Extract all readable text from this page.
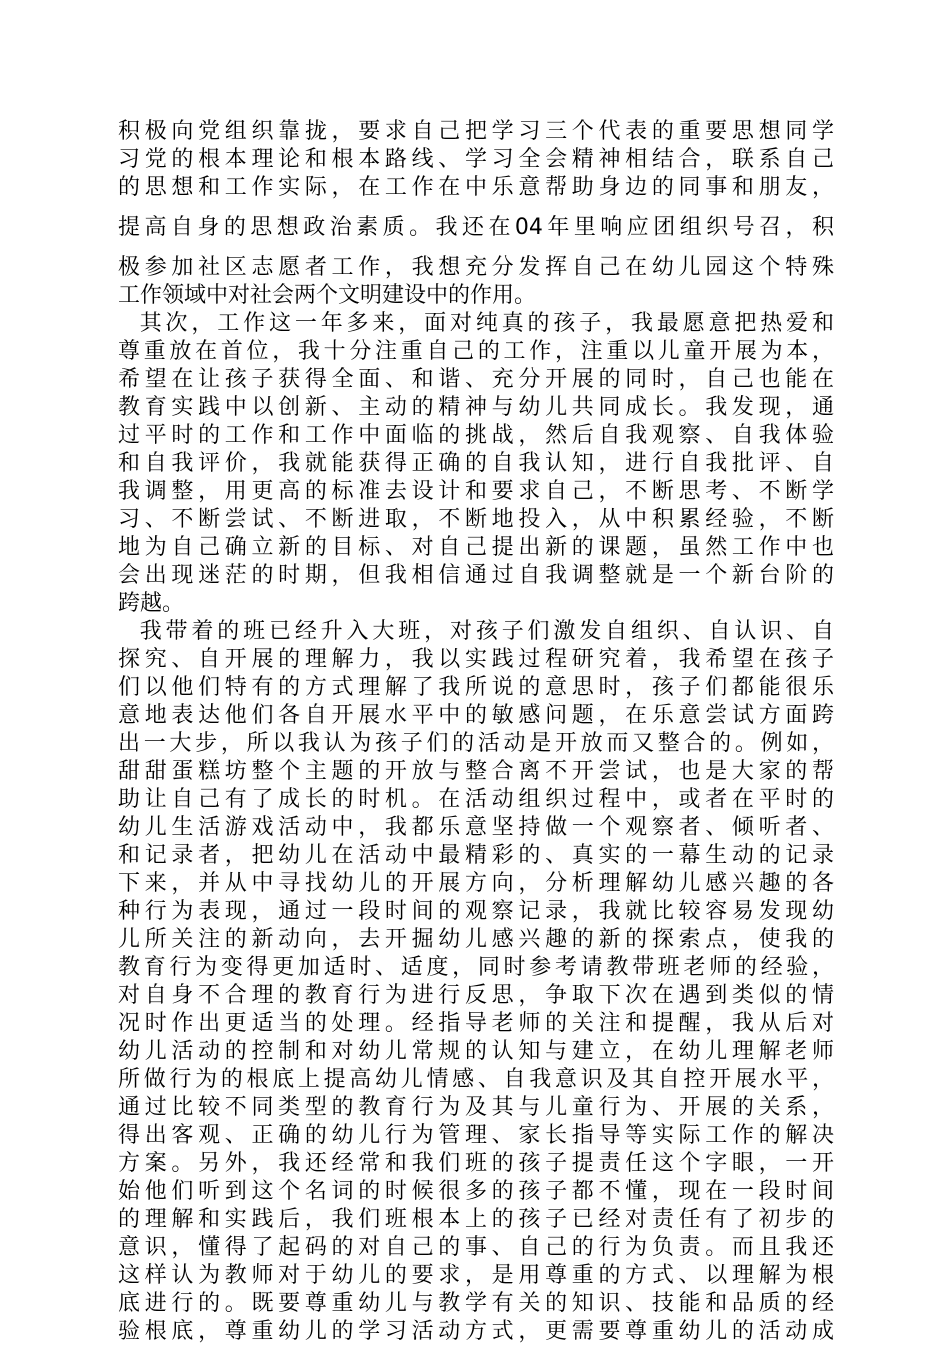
积极向党组织靠拢，要求自己把学习三个代表的重要思想同学
习党的根本理论和根本路线、学习全会精神相结合，联系自己
的思想和工作实际，在工作在中乐意帮助身边的同事和朋友，
提高自身的思想政治素质。我还在04年里响应团组织号召，积
极参加社区志愿者工作，我想充分发挥自己在幼儿园这个特殊
工作领域中对社会两个文明建设中的作用。
其次，工作这一年多来，面对纯真的孩子，我最愿意把热爱和
尊重放在首位，我十分注重自己的工作，注重以儿童开展为本，
希望在让孩子获得全面、和谐、充分开展的同时，自己也能在
教育实践中以创新、主动的精神与幼儿共同成长。我发现，通
过平时的工作和工作中面临的挑战，然后自我观察、自我体验
和自我评价，我就能获得正确的自我认知，进行自我批评、自
我调整，用更高的标准去设计和要求自己，不断思考、不断学
习、不断尝试、不断进取，不断地投入，从中积累经验，不断
地为自己确立新的目标、对自己提出新的课题，虽然工作中也
会出现迷茫的时期，但我相信通过自我调整就是一个新台阶的
跨越。
我带着的班已经升入大班，对孩子们激发自组织、自认识、自
探究、自开展的理解力，我以实践过程研究着，我希望在孩子
们以他们特有的方式理解了我所说的意思时，孩子们都能很乐
意地表达他们各自开展水平中的敏感问题，在乐意尝试方面跨
出一大步，所以我认为孩子们的活动是开放而又整合的。例如，
甜甜蛋糕坊整个主题的开放与整合离不开尝试，也是大家的帮
助让自己有了成长的时机。在活动组织过程中，或者在平时的
幼儿生活游戏活动中，我都乐意坚持做一个观察者、倾听者、
和记录者，把幼儿在活动中最精彩的、真实的一幕生动的记录
下来，并从中寻找幼儿的开展方向，分析理解幼儿感兴趣的各
种行为表现，通过一段时间的观察记录，我就比较容易发现幼
儿所关注的新动向，去开掘幼儿感兴趣的新的探索点，使我的
教育行为变得更加适时、适度，同时参考请教带班老师的经验，
对自身不合理的教育行为进行反思，争取下次在遇到类似的情
况时作出更适当的处理。经指导老师的关注和提醒，我从后对
幼儿活动的控制和对幼儿常规的认知与建立，在幼儿理解老师
所做行为的根底上提高幼儿情感、自我意识及其自控开展水平，
通过比较不同类型的教育行为及其与儿童行为、开展的关系，
得出客观、正确的幼儿行为管理、家长指导等实际工作的解决
方案。另外，我还经常和我们班的孩子提责任这个字眼，一开
始他们听到这个名词的时候很多的孩子都不懂，现在一段时间
的理解和实践后，我们班根本上的孩子已经对责任有了初步的
意识，懂得了起码的对自己的事、自己的行为负责。而且我还
这样认为教师对于幼儿的要求，是用尊重的方式、以理解为根
底进行的。既要尊重幼儿与教学有关的知识、技能和品质的经
验根底，尊重幼儿的学习活动方式，更需要尊重幼儿的活动成
